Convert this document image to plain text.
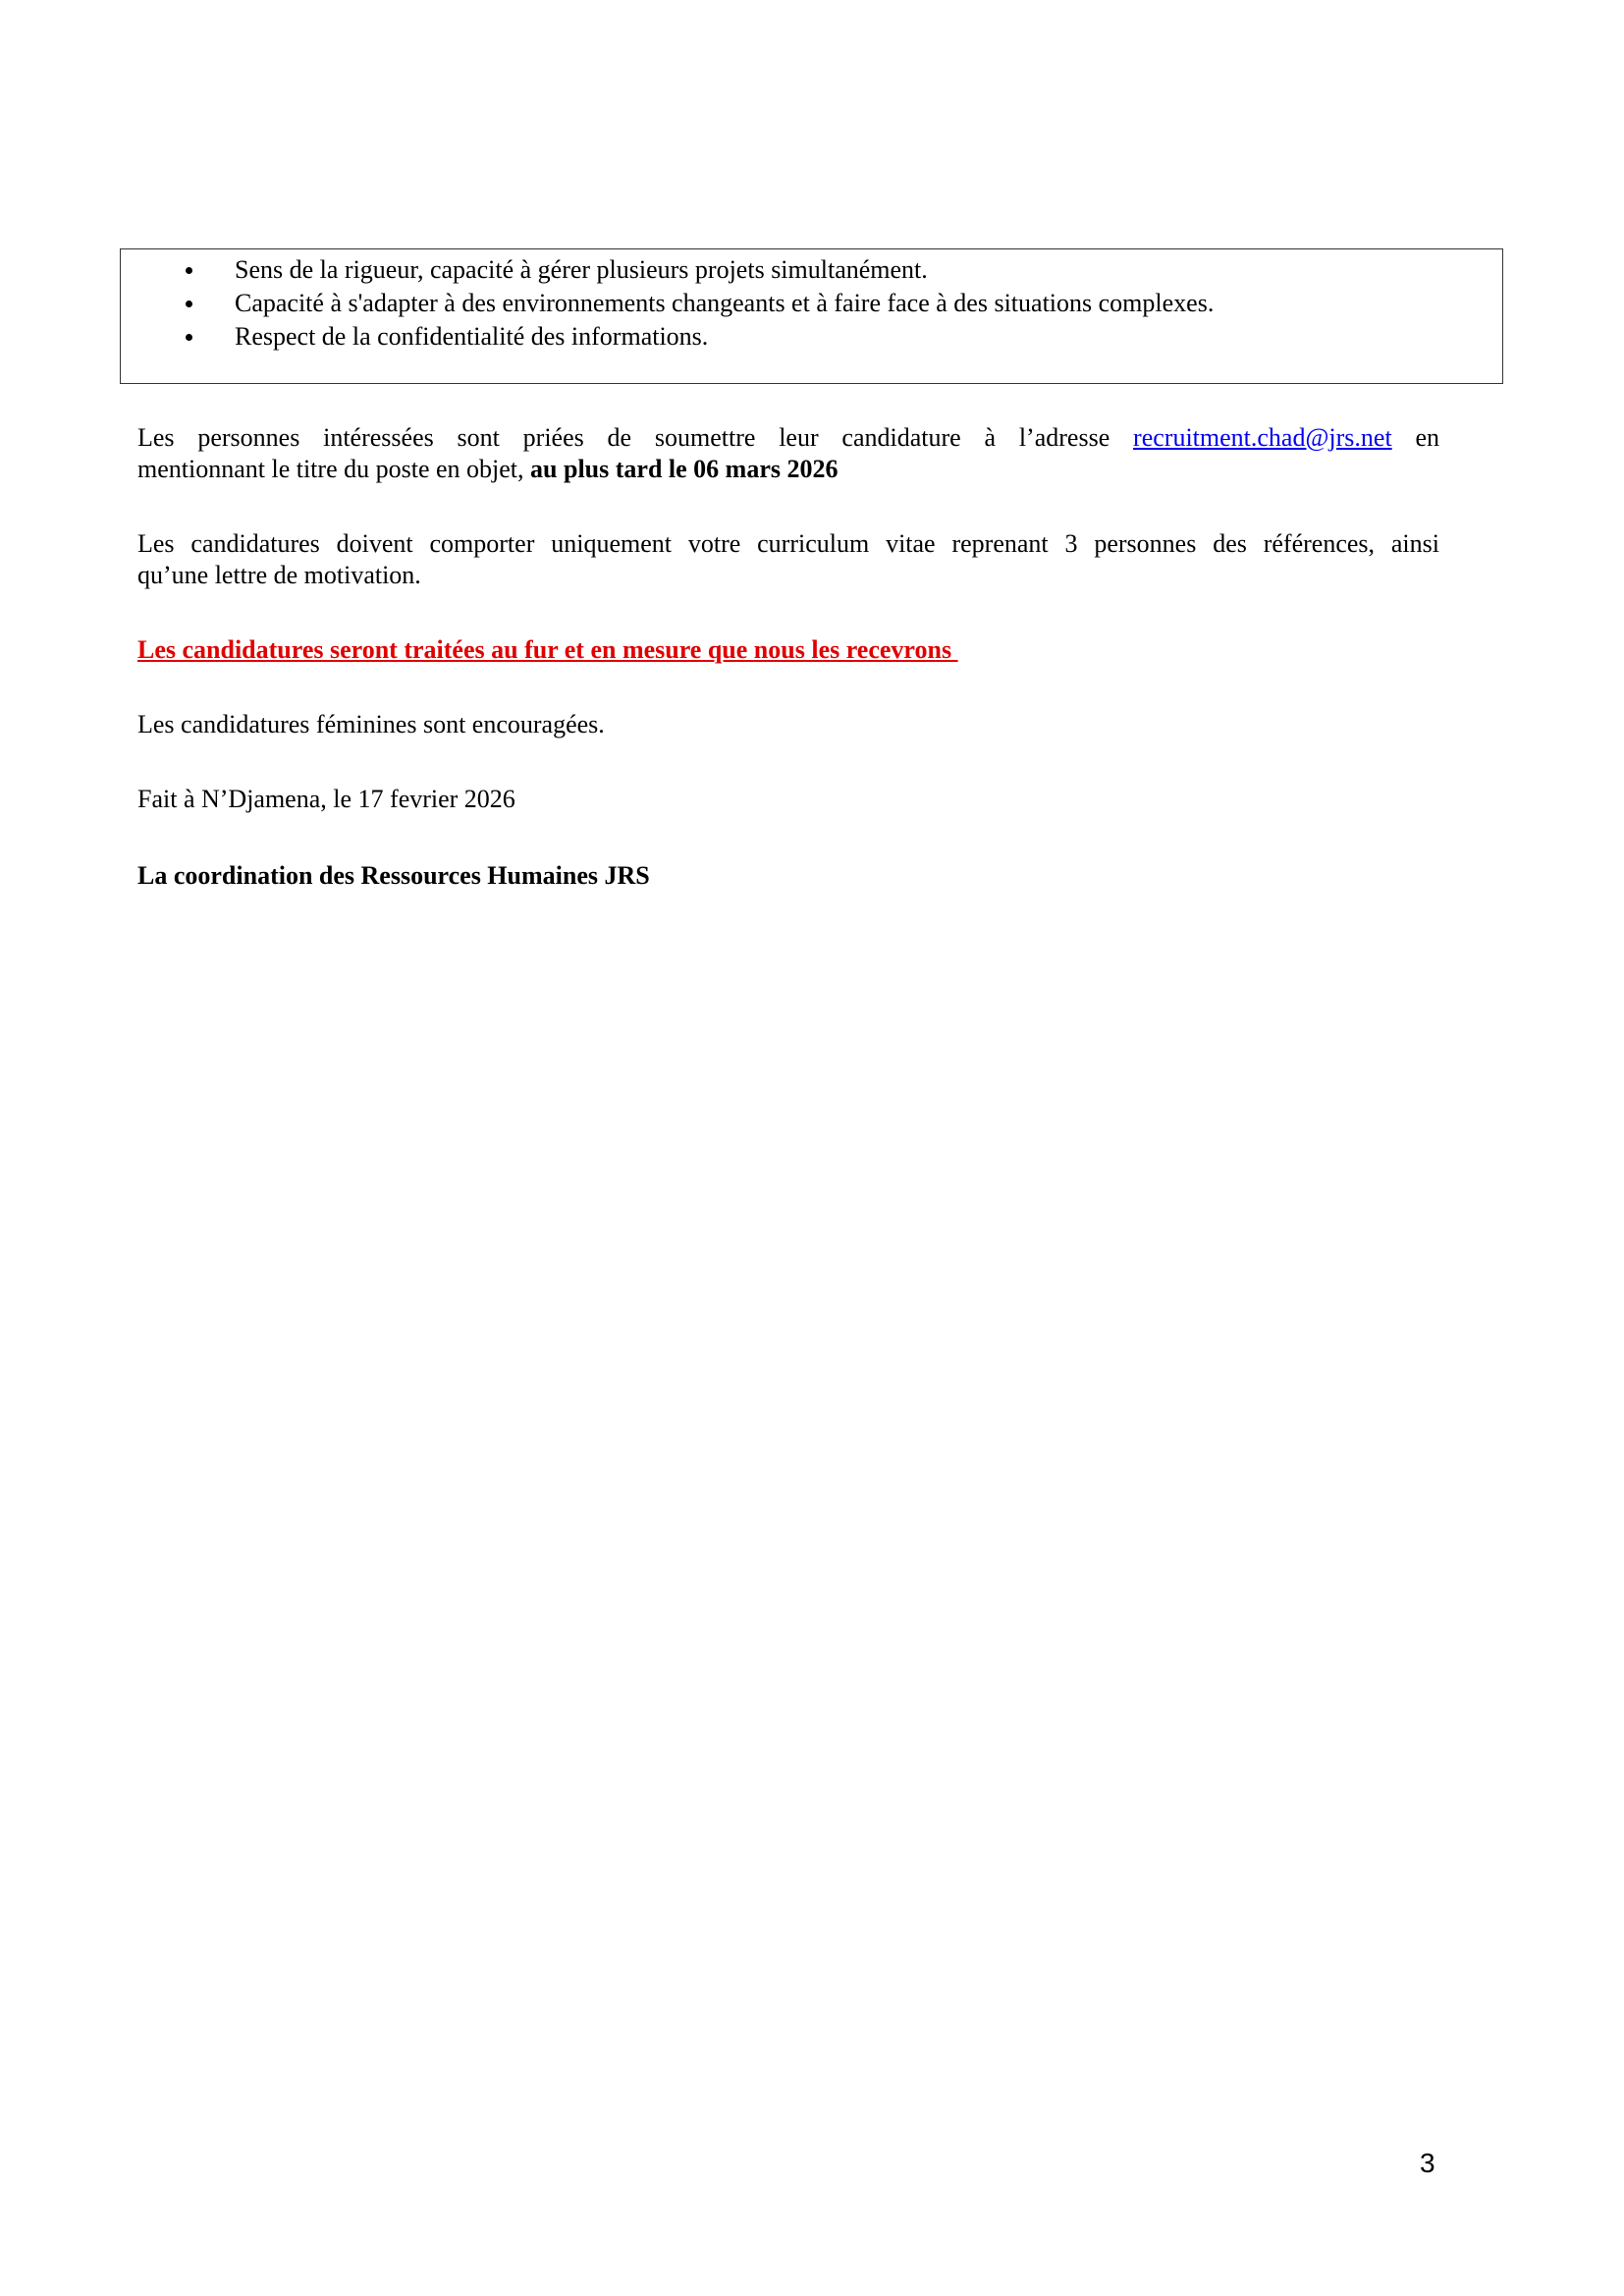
Sens de la rigueur, capacité à gérer plusieurs projets simultanément.
Capacité à s'adapter à des environnements changeants et à faire face à des situations complexes.
Respect de la confidentialité des informations.

Les personnes intéressées sont priées de soumettre leur candidature à l’adresse recruitment.chad@jrs.net en
mentionnant le titre du poste en objet, au plus tard le 06 mars 2026

Les candidatures doivent comporter uniquement votre curriculum vitae reprenant 3 personnes des références, ainsi
qu’une lettre de motivation.

Les candidatures seront traitées au fur et en mesure que nous les recevrons

Les candidatures féminines sont encouragées.

Fait à N’Djamena, le 17 fevrier 2026

La coordination des Ressources Humaines JRS

3
